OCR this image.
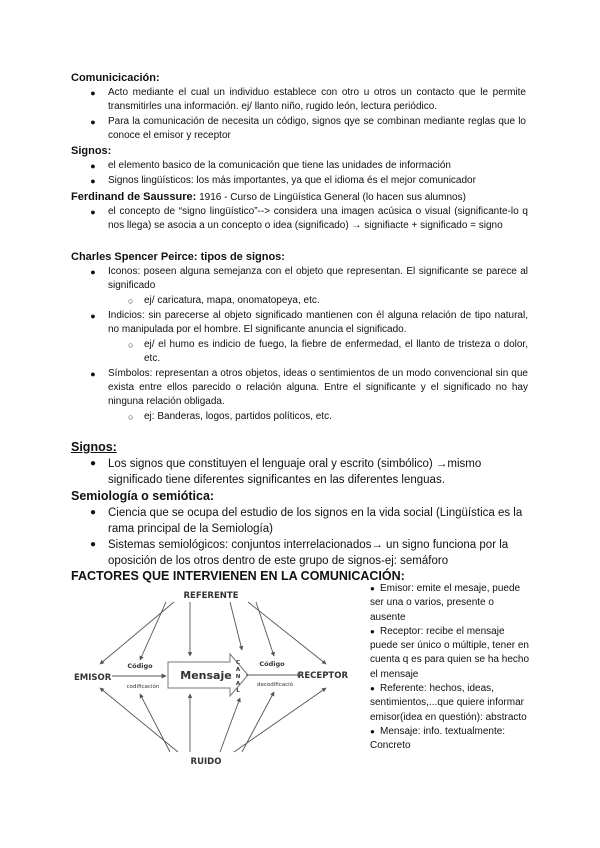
Comunicicación:
● Acto mediante el cual un individuo establece con otro u otros un contacto que le permite transmitirles una información. ej/ llanto niño, rugido león, lectura periódico.
● Para la comunicación de necesita un código, signos qye se combinan mediante reglas que lo conoce el emisor y receptor
Signos:
● el elemento basico de la comunicación que tiene las unidades de información
● Signos lingüísticos: los más importantes, ya que el idioma és el mejor comunicador
Ferdinand de Saussure: 1916 - Curso de Lingüística General (lo hacen sus alumnos)
● el concepto de “signo lingüístico”--> considera una imagen acúsica o visual (significante-lo q nos llega) se asocia a un concepto o idea (significado) → signifiacte + significado = signo
Charles Spencer Peirce: tipos de signos:
● Iconos: poseen alguna semejanza con el objeto que representan. El significante se parece al significado
○ ej/ caricatura, mapa, onomatopeya, etc.
● Indicios: sin parecerse al objeto significado mantienen con él alguna relación de tipo natural, no manipulada por el hombre. El significante anuncia el significado.
○ ej/ el humo es indicio de fuego, la fiebre de enfermedad, el llanto de tristeza o dolor, etc.
● Símbolos: representan a otros objetos, ideas o sentimientos de un modo convencional sin que exista entre ellos parecido o relación alguna. Entre el significante y el significado no hay ninguna relación obligada.
○ ej: Banderas, logos, partidos políticos, etc.
Signos:
● Los signos que constituyen el lenguaje oral y escrito (simbólico) →mismo significado tiene diferentes significantes en las diferentes lenguas.
Semiología o semiótica:
● Ciencia que se ocupa del estudio de los signos en la vida social (Lingüística es la rama principal de la Semiología)
● Sistemas semiológicos: conjuntos interrelacionados→ un signo funciona por la oposición de los otros dentro de este grupo de signos-ej: semáforo
FACTORES QUE INTERVIENEN EN LA COMUNICACIÓN:
REFERENTE
RUIDO
EMISOR	RECEPTOR
Mensaje
C
A
N
A
L
Código
codificación
Código
decodificació

● Emisor: emite el mesaje, puede ser una o varios, presente o ausente

● Receptor: recibe el mensaje puede ser único o múltiple, tener en cuenta q es para quien se ha hecho el mensaje

● Referente: hechos, ideas, sentimientos,...que quiere informar emisor(idea en questión): abstracto

● Mensaje: info. textualmente: Concreto
